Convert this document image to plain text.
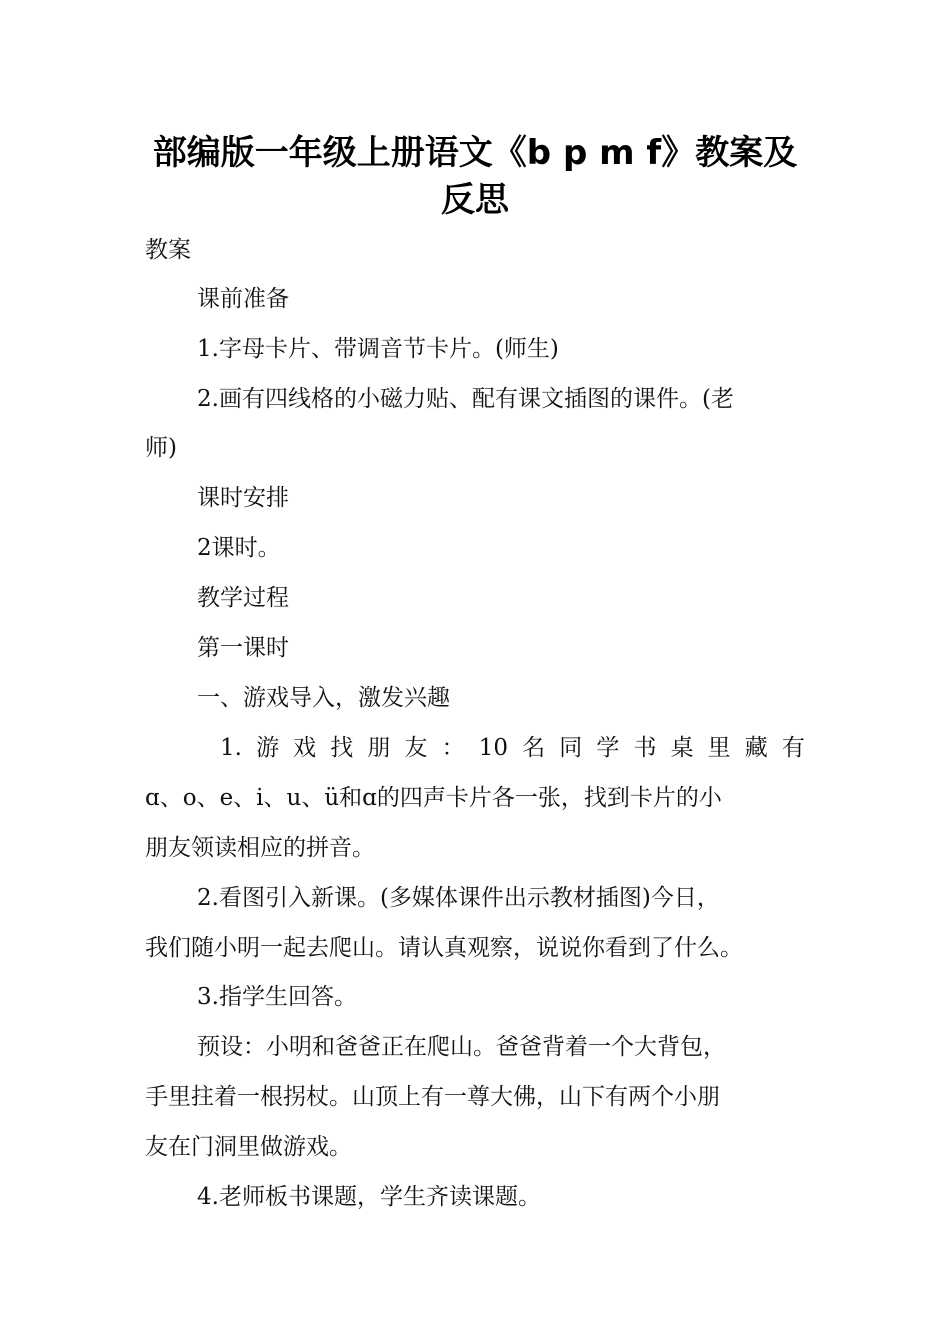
部编版一年级上册语文《b p m f》教案及
反思
教案
课前准备
1.字母卡片、带调音节卡片。(师生)
2.画有四线格的小磁力贴、配有课文插图的课件。(老
师)
课时安排
2课时。
教学过程
第一课时
一、游戏导入，激发兴趣
1. 游 戏 找 朋 友 ： 10 名 同 学 书 桌 里 藏 有
ɑ、o、e、i、u、ü和ɑ的四声卡片各一张，找到卡片的小
朋友领读相应的拼音。
2.看图引入新课。(多媒体课件出示教材插图)今日，
我们随小明一起去爬山。请认真观察，说说你看到了什么。
3.指学生回答。
预设：小明和爸爸正在爬山。爸爸背着一个大背包，
手里拄着一根拐杖。山顶上有一尊大佛，山下有两个小朋
友在门洞里做游戏。
4.老师板书课题，学生齐读课题。
